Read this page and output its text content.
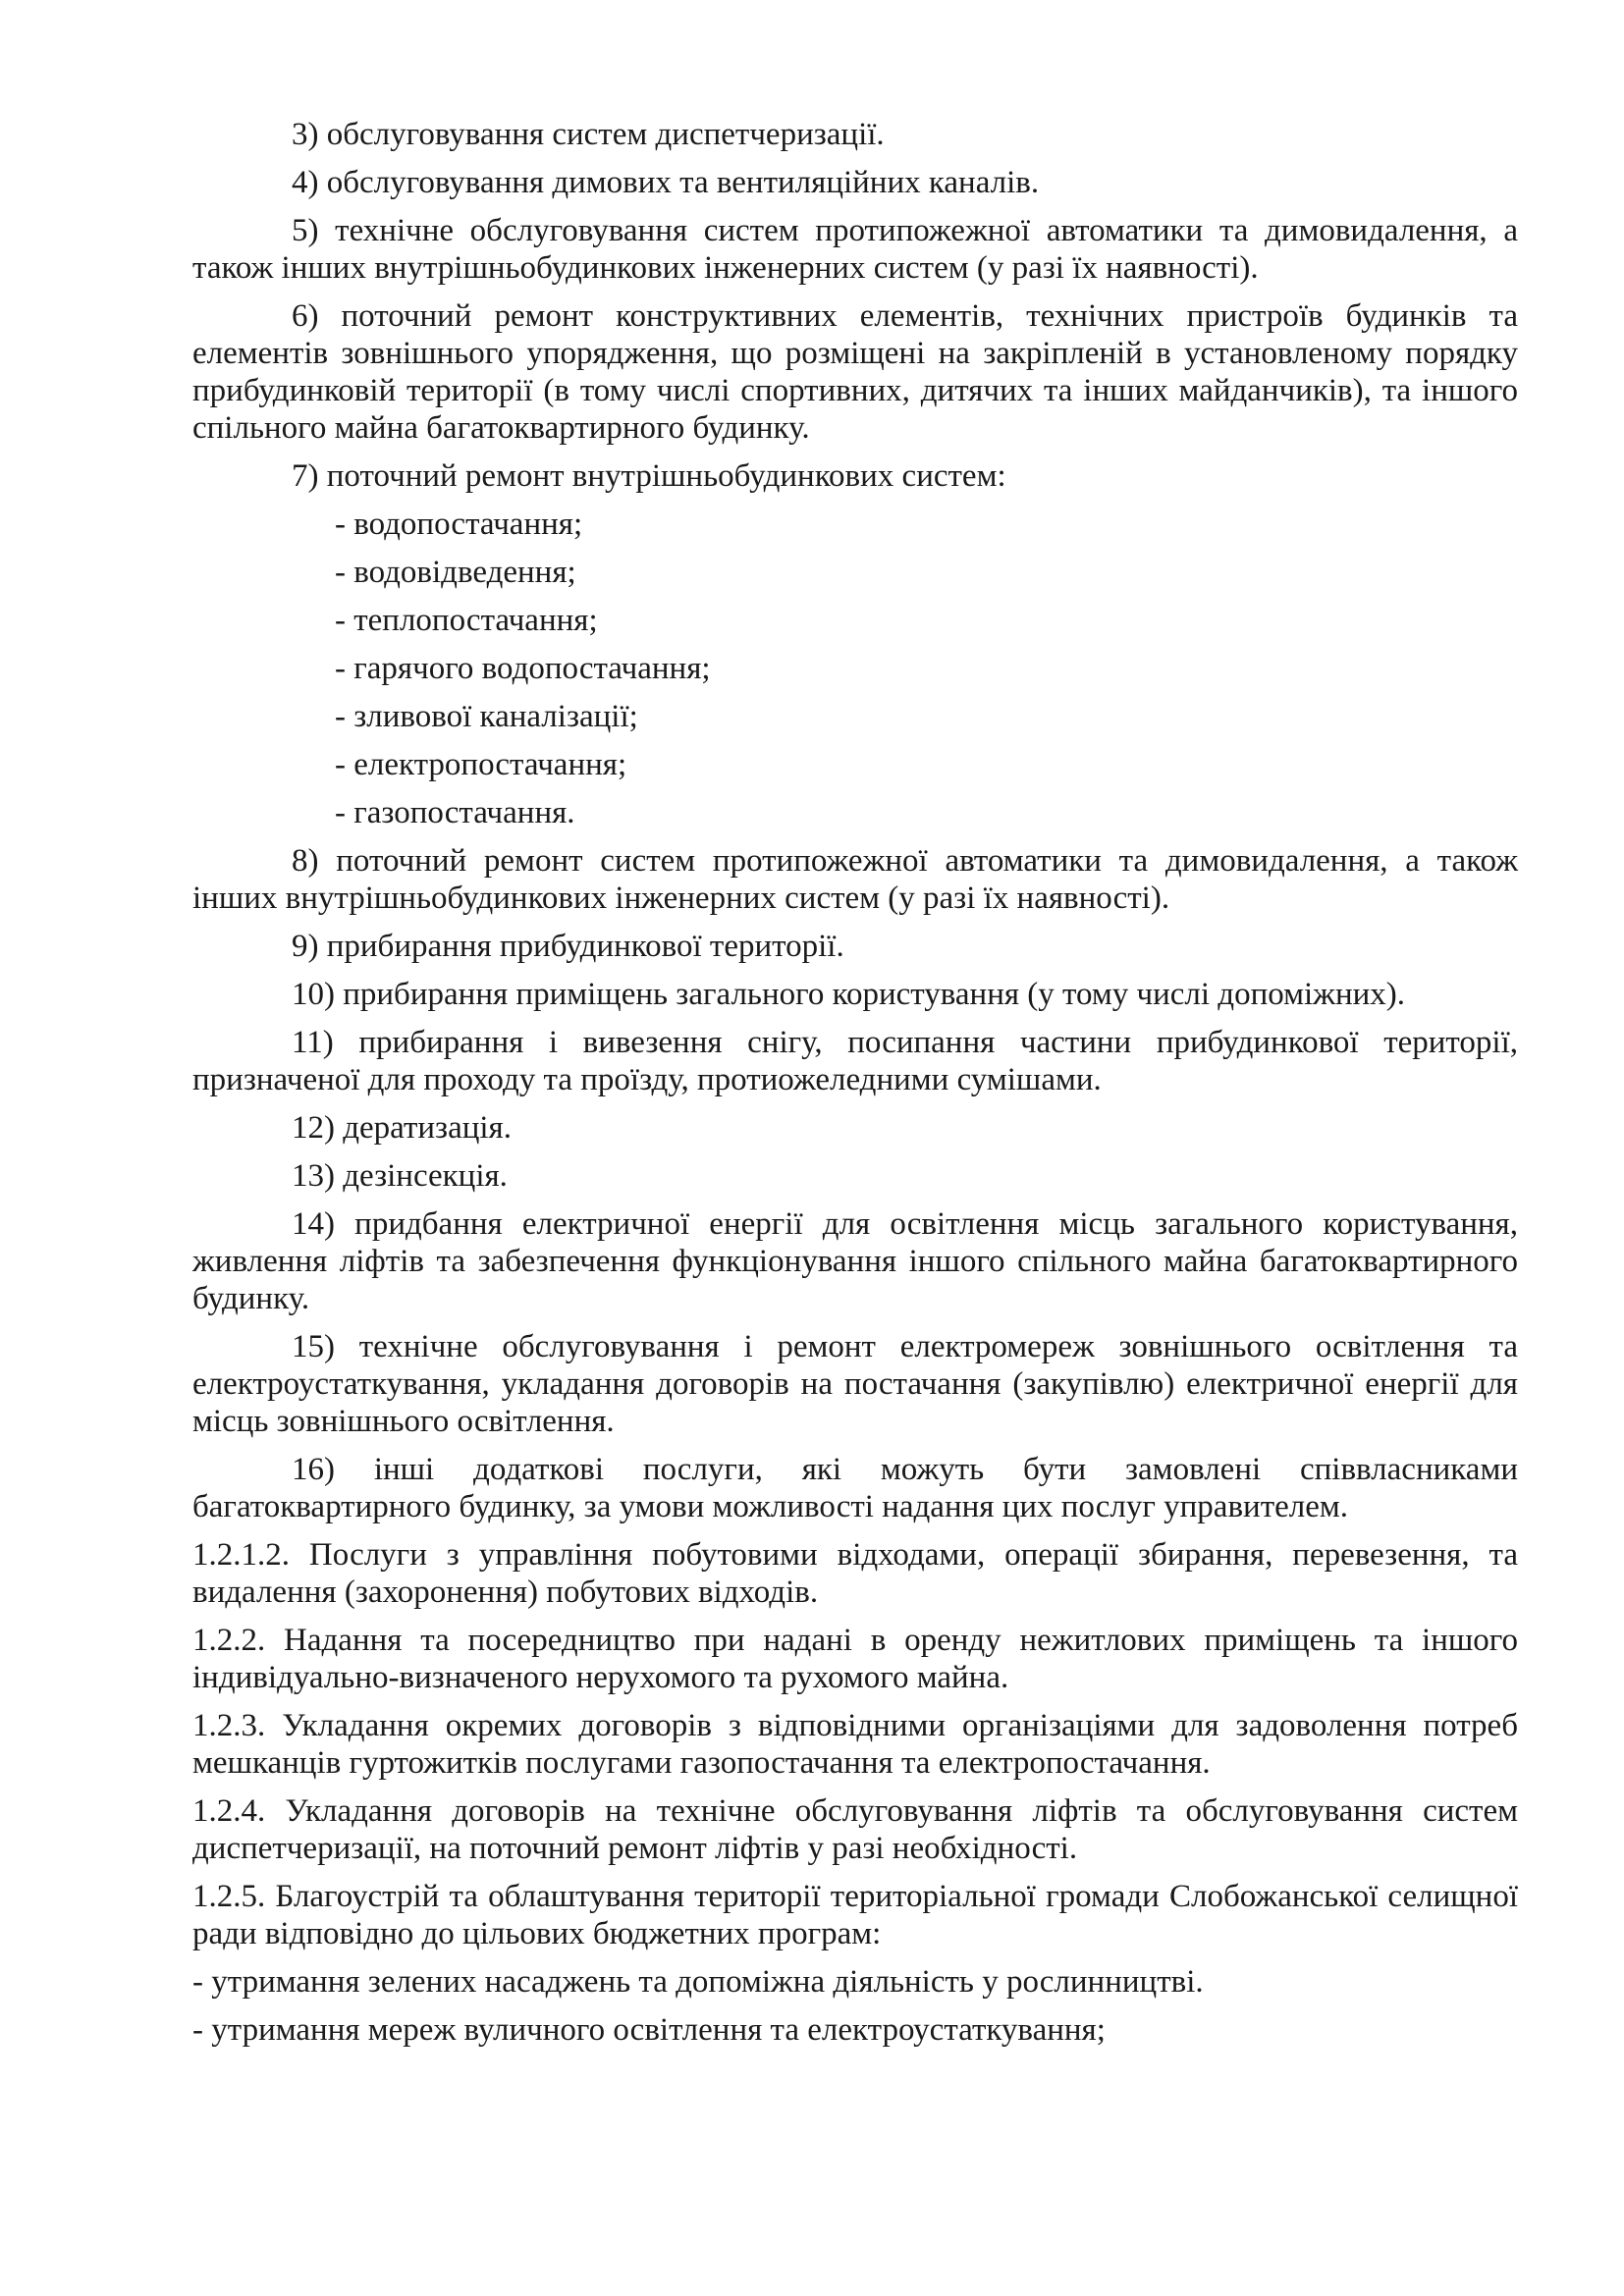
3) обслуговування систем диспетчеризації.

4) обслуговування димових та вентиляційних каналів.

5) технічне обслуговування систем протипожежної автоматики та димовидалення, а також інших внутрішньобудинкових інженерних систем (у разі їх наявності).

6) поточний ремонт конструктивних елементів, технічних пристроїв будинків та елементів зовнішнього упорядження, що розміщені на закріпленій в установленому порядку прибудинковій території (в тому числі спортивних, дитячих та інших майданчиків), та іншого спільного майна багатоквартирного будинку.

7) поточний ремонт внутрішньобудинкових систем:

- водопостачання;

- водовідведення;

- теплопостачання;

- гарячого водопостачання;

- зливової каналізації;

- електропостачання;

- газопостачання.

8) поточний ремонт систем протипожежної автоматики та димовидалення, а також інших внутрішньобудинкових інженерних систем (у разі їх наявності).

9) прибирання прибудинкової території.

10) прибирання приміщень загального користування (у тому числі допоміжних).

11) прибирання і вивезення снігу, посипання частини прибудинкової території, призначеної для проходу та проїзду, протиожеледними сумішами.

12) дератизація.

13) дезінсекція.

14) придбання електричної енергії для освітлення місць загального користування, живлення ліфтів та забезпечення функціонування іншого спільного майна багатоквартирного будинку.

15) технічне обслуговування і ремонт електромереж зовнішнього освітлення та електроустаткування, укладання договорів на постачання (закупівлю) електричної енергії для місць зовнішнього освітлення.

16) інші додаткові послуги, які можуть бути замовлені співвласниками багатоквартирного будинку, за умови можливості надання цих послуг управителем.

1.2.1.2. Послуги з управління побутовими відходами, операції збирання, перевезення, та видалення (захоронення) побутових відходів.

1.2.2. Надання та посередництво при надані в оренду нежитлових приміщень та іншого індивідуально-визначеного нерухомого та рухомого майна.

1.2.3. Укладання окремих договорів з відповідними організаціями для задоволення потреб мешканців гуртожитків послугами газопостачання та електропостачання.

1.2.4. Укладання договорів на технічне обслуговування ліфтів та обслуговування систем диспетчеризації, на поточний ремонт ліфтів у разі необхідності.

1.2.5. Благоустрій та облаштування території територіальної громади Слобожанської селищної ради відповідно до цільових бюджетних програм:

- утримання зелених насаджень та допоміжна діяльність у рослинництві.

- утримання мереж вуличного освітлення та електроустаткування;
